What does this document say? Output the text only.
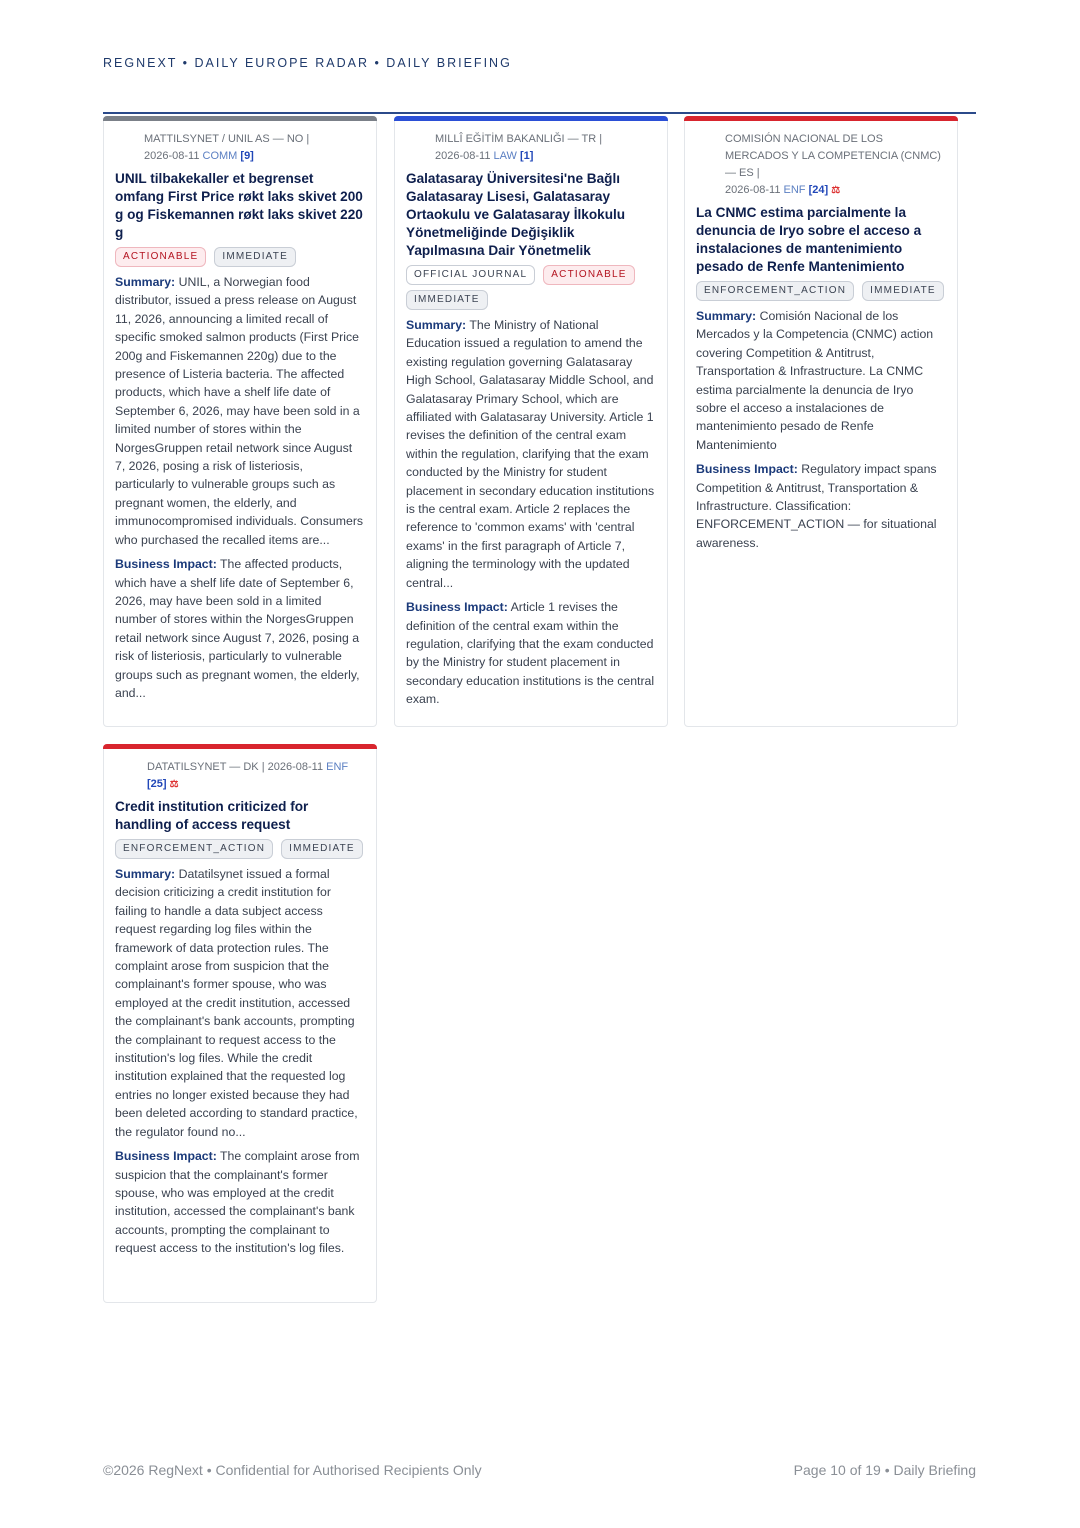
REGNEXT • DAILY EUROPE RADAR • DAILY BRIEFING
MATTILSYNET / UNIL AS — NO |
2026-08-11 COMM [9]
UNIL tilbakekaller et begrenset omfang First Price røkt laks skivet 200 g og Fiskemannen røkt laks skivet 220 g
ACTIONABLE	IMMEDIATE
Summary: UNIL, a Norwegian food distributor, issued a press release on August 11, 2026, announcing a limited recall of specific smoked salmon products (First Price 200g and Fiskemannen 220g) due to the presence of Listeria bacteria. The affected products, which have a shelf life date of September 6, 2026, may have been sold in a limited number of stores within the NorgesGruppen retail network since August 7, 2026, posing a risk of listeriosis, particularly to vulnerable groups such as pregnant women, the elderly, and immunocompromised individuals. Consumers who purchased the recalled items are...
Business Impact: The affected products, which have a shelf life date of September 6, 2026, may have been sold in a limited number of stores within the NorgesGruppen retail network since August 7, 2026, posing a risk of listeriosis, particularly to vulnerable groups such as pregnant women, the elderly, and...
MILLÎ EĞİTİM BAKANLIĞI — TR |
2026-08-11 LAW [1]
Galatasaray Üniversitesi'ne Bağlı Galatasaray Lisesi, Galatasaray Ortaokulu ve Galatasaray İlkokulu Yönetmeliğinde Değişiklik Yapılmasına Dair Yönetmelik
OFFICIAL JOURNAL	ACTIONABLE
IMMEDIATE
Summary: The Ministry of National Education issued a regulation to amend the existing regulation governing Galatasaray High School, Galatasaray Middle School, and Galatasaray Primary School, which are affiliated with Galatasaray University. Article 1 revises the definition of the central exam within the regulation, clarifying that the exam conducted by the Ministry for student placement in secondary education institutions is the central exam. Article 2 replaces the reference to 'common exams' with 'central exams' in the first paragraph of Article 7, aligning the terminology with the updated central...
Business Impact: Article 1 revises the definition of the central exam within the regulation, clarifying that the exam conducted by the Ministry for student placement in secondary education institutions is the central exam.
COMISIÓN NACIONAL DE LOS MERCADOS Y LA COMPETENCIA (CNMC) — ES |
2026-08-11 ENF [24] ⚖
La CNMC estima parcialmente la denuncia de Iryo sobre el acceso a instalaciones de mantenimiento pesado de Renfe Mantenimiento
ENFORCEMENT_ACTION	IMMEDIATE
Summary: Comisión Nacional de los Mercados y la Competencia (CNMC) action covering Competition & Antitrust, Transportation & Infrastructure. La CNMC estima parcialmente la denuncia de Iryo sobre el acceso a instalaciones de mantenimiento pesado de Renfe Mantenimiento
Business Impact: Regulatory impact spans Competition & Antitrust, Transportation & Infrastructure. Classification: ENFORCEMENT_ACTION — for situational awareness.
DATATILSYNET — DK | 2026-08-11 ENF [25] ⚖
Credit institution criticized for handling of access request
ENFORCEMENT_ACTION	IMMEDIATE
Summary: Datatilsynet issued a formal decision criticizing a credit institution for failing to handle a data subject access request regarding log files within the framework of data protection rules. The complaint arose from suspicion that the complainant's former spouse, who was employed at the credit institution, accessed the complainant's bank accounts, prompting the complainant to request access to the institution's log files. While the credit institution explained that the requested log entries no longer existed because they had been deleted according to standard practice, the regulator found no...
Business Impact: The complaint arose from suspicion that the complainant's former spouse, who was employed at the credit institution, accessed the complainant's bank accounts, prompting the complainant to request access to the institution's log files.
©2026 RegNext • Confidential for Authorised Recipients Only	Page 10 of 19 • Daily Briefing
